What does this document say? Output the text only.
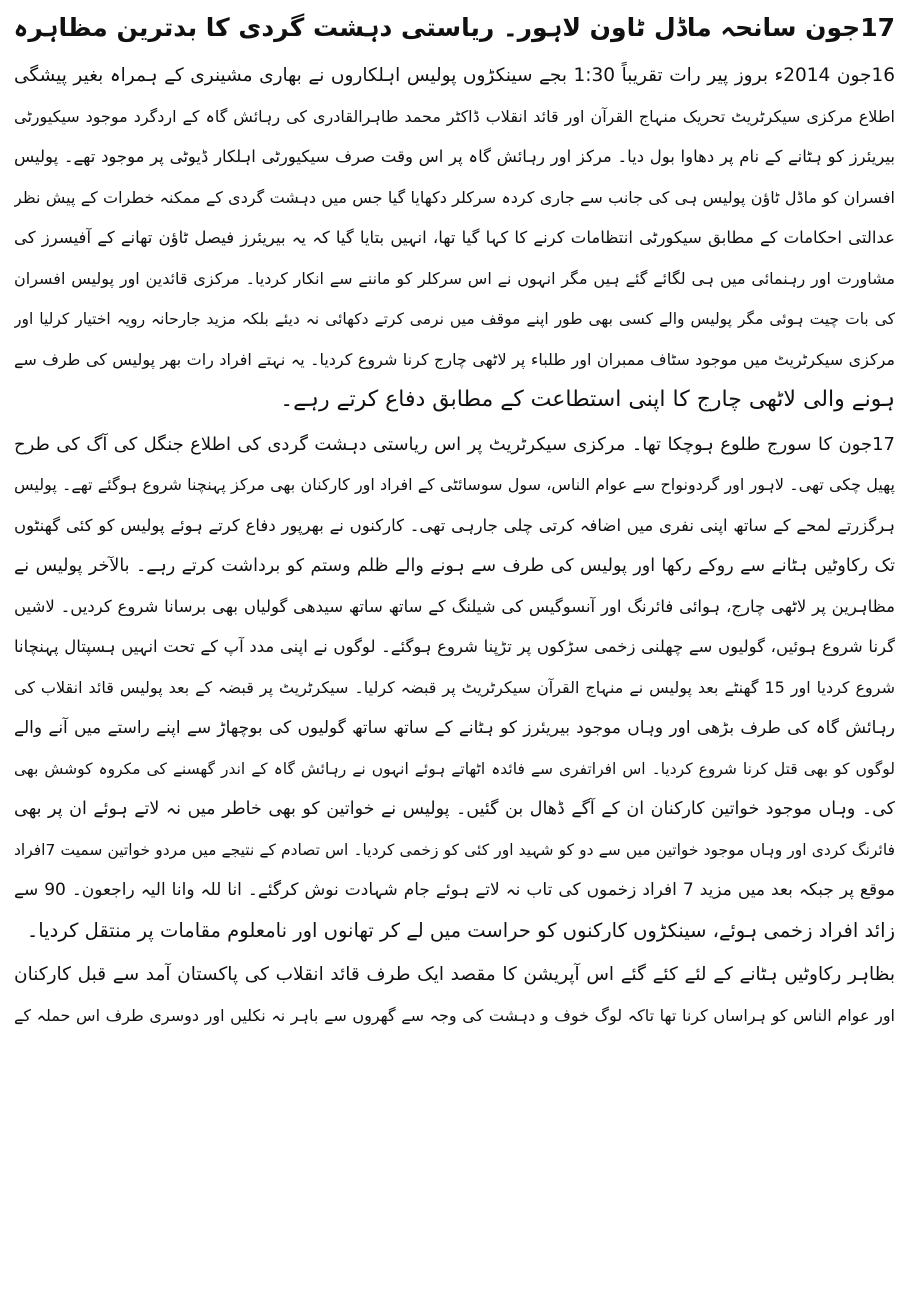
17جون سانحہ ماڈل ٹاون لاہور۔ ریاستی دہشت گردی کا بدترین مظاہرہ
16جون 2014ء بروز پیر رات تقریباً 1:30 بجے سینکڑوں پولیس اہلکاروں نے بھاری مشینری کے ہمراہ بغیر پیشگی
اطلاع مرکزی سیکرٹریٹ تحریک منہاج القرآن اور قائد انقلاب ڈاکٹر محمد طاہرالقادری کی رہائش گاہ کے اردگرد موجود سیکیورٹی
بیریئرز کو ہٹانے کے نام پر دھاوا بول دیا۔ مرکز اور رہائش گاہ پر اس وقت صرف سیکیورٹی اہلکار ڈیوٹی پر موجود تھے۔ پولیس
افسران کو ماڈل ٹاؤن پولیس ہی کی جانب سے جاری کردہ سرکلر دکھایا گیا جس میں دہشت گردی کے ممکنہ خطرات کے پیش نظر
عدالتی احکامات کے مطابق سیکورٹی انتظامات کرنے کا کہا گیا تھا، انہیں بتایا گیا کہ یہ بیریئرز فیصل ٹاؤن تھانے کے آفیسرز کی
مشاورت اور رہنمائی میں ہی لگائے گئے ہیں مگر انہوں نے اس سرکلر کو ماننے سے انکار کردیا۔ مرکزی قائدین اور پولیس افسران
کی بات چیت ہوئی مگر پولیس والے کسی بھی طور اپنے موقف میں نرمی کرتے دکھائی نہ دیئے بلکہ مزید جارحانہ رویہ اختیار کرلیا اور
مرکزی سیکرٹریٹ میں موجود سٹاف ممبران اور طلباء پر لاٹھی چارج کرنا شروع کردیا۔ یہ نہتے افراد رات بھر پولیس کی طرف سے
ہونے والی لاٹھی چارج کا اپنی استطاعت کے مطابق دفاع کرتے رہے۔
17جون کا سورج طلوع ہوچکا تھا۔ مرکزی سیکرٹریٹ پر اس ریاستی دہشت گردی کی اطلاع جنگل کی آگ کی طرح
پھیل چکی تھی۔ لاہور اور گردونواح سے عوام الناس، سول سوسائٹی کے افراد اور کارکنان بھی مرکز پہنچنا شروع ہوگئے تھے۔ پولیس
ہرگزرتے لمحے کے ساتھ اپنی نفری میں اضافہ کرتی چلی جارہی تھی۔ کارکنوں نے بھرپور دفاع کرتے ہوئے پولیس کو کئی گھنٹوں
تک رکاوٹیں ہٹانے سے روکے رکھا اور پولیس کی طرف سے ہونے والے ظلم وستم کو برداشت کرتے رہے۔ بالآخر پولیس نے
مظاہرین پر لاٹھی چارج، ہوائی فائرنگ اور آنسوگیس کی شیلنگ کے ساتھ ساتھ سیدھی گولیاں بھی برسانا شروع کردیں۔ لاشیں
گرنا شروع ہوئیں، گولیوں سے چھلنی زخمی سڑکوں پر تڑپنا شروع ہوگئے۔ لوگوں نے اپنی مدد آپ کے تحت انہیں ہسپتال پہنچانا
شروع کردیا اور 15 گھنٹے بعد پولیس نے منہاج القرآن سیکرٹریٹ پر قبضہ کرلیا۔ سیکرٹریٹ پر قبضہ کے بعد پولیس قائد انقلاب کی
رہائش گاہ کی طرف بڑھی اور وہاں موجود بیریئرز کو ہٹانے کے ساتھ ساتھ گولیوں کی بوچھاڑ سے اپنے راستے میں آنے والے
لوگوں کو بھی قتل کرنا شروع کردیا۔ اس افراتفری سے فائدہ اٹھاتے ہوئے انہوں نے رہائش گاہ کے اندر گھسنے کی مکروہ کوشش بھی
کی۔ وہاں موجود خواتین کارکنان ان کے آگے ڈھال بن گئیں۔ پولیس نے خواتین کو بھی خاطر میں نہ لاتے ہوئے ان پر بھی
فائرنگ کردی اور وہاں موجود خواتین میں سے دو کو شہید اور کئی کو زخمی کردیا۔ اس تصادم کے نتیجے میں مردو خواتین سمیت 7افراد
موقع پر جبکہ بعد میں مزید 7 افراد زخموں کی تاب نہ لاتے ہوئے جام شہادت نوش کرگئے۔ انا للہ وانا الیہ راجعون۔ 90 سے
زائد افراد زخمی ہوئے، سینکڑوں کارکنوں کو حراست میں لے کر تھانوں اور نامعلوم مقامات پر منتقل کردیا۔
بظاہر رکاوٹیں ہٹانے کے لئے کئے گئے اس آپریشن کا مقصد ایک طرف قائد انقلاب کی پاکستان آمد سے قبل کارکنان
اور عوام الناس کو ہراساں کرنا تھا تاکہ لوگ خوف و دہشت کی وجہ سے گھروں سے باہر نہ نکلیں اور دوسری طرف اس حملہ کے
